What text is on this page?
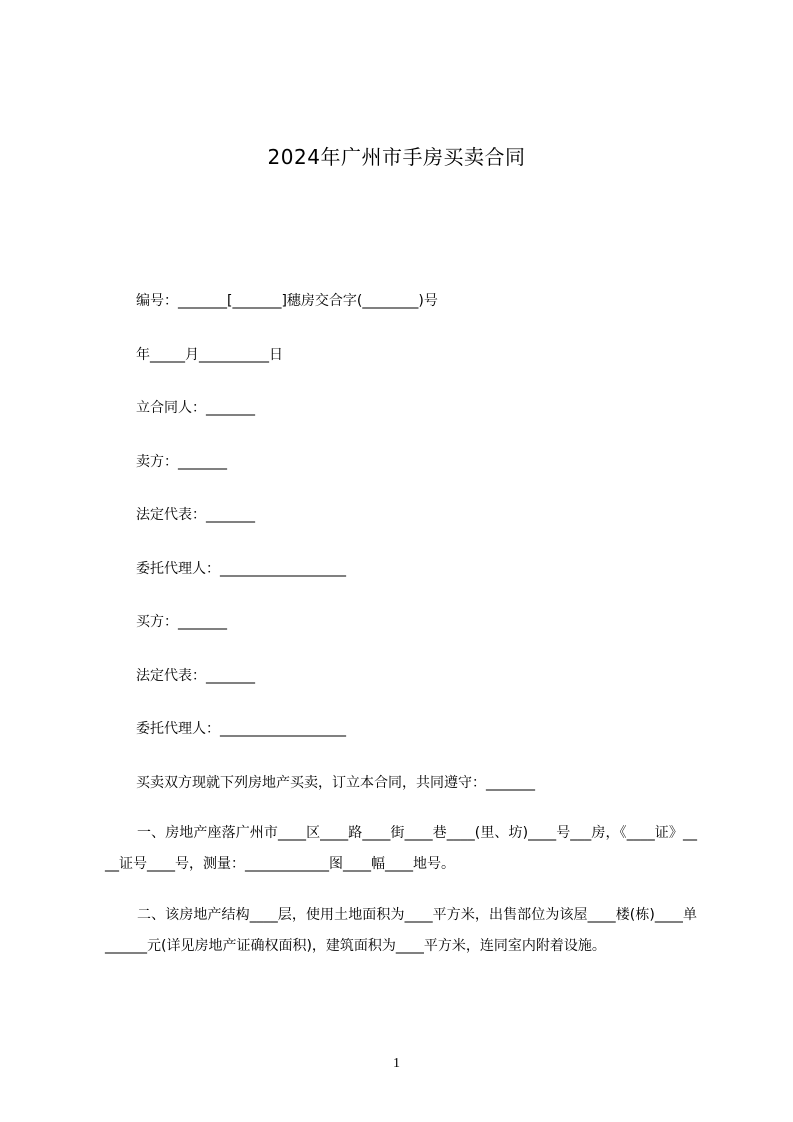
2024年广州市手房买卖合同
编号：_______[_______]穗房交合字(________)号
年_____月__________日
立合同人：_______
卖方：_______
法定代表：_______
委托代理人：__________________
买方：_______
法定代表：_______
委托代理人：__________________
买卖双方现就下列房地产买卖，订立本合同，共同遵守：_______
一、房地产座落广州市____区____路____街____巷____(里、坊)____号___房，《____证》____证号____号，测量：____________图____幅____地号。
二、该房地产结构____层，使用土地面积为____平方米，出售部位为该屋____楼(栋)____单______元(详见房地产证确权面积)，建筑面积为____平方米，连同室内附着设施。
1
